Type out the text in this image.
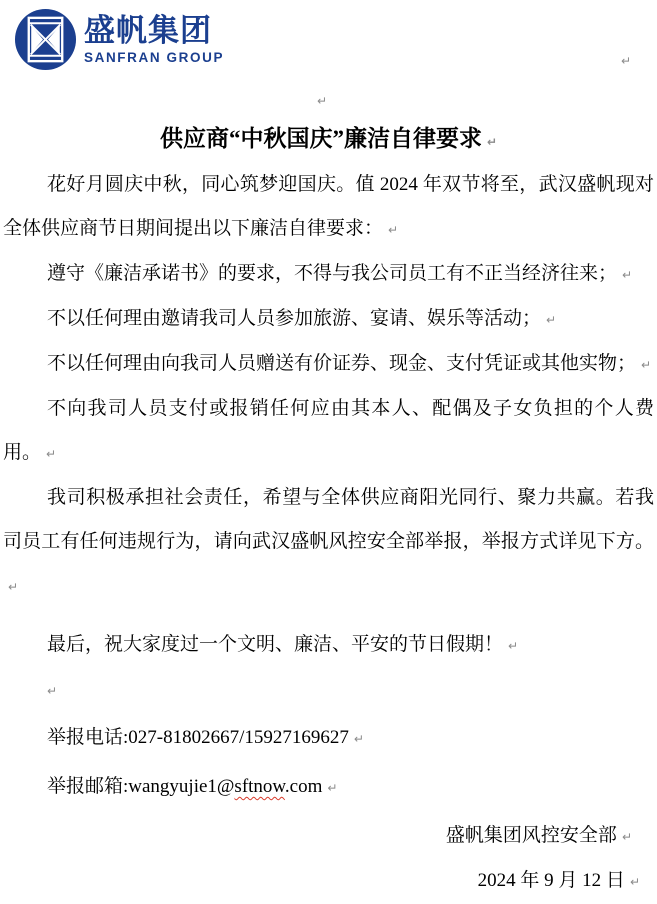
盛帆集团
SANFRAN GROUP	↵
↵
供应商“中秋国庆”廉洁自律要求 ↵

花好月圆庆中秋，同心筑梦迎国庆。值 2024 年双节将至，武汉盛帆现对全体供应商节日期间提出以下廉洁自律要求： ↵

遵守《廉洁承诺书》的要求，不得与我公司员工有不正当经济往来； ↵

不以任何理由邀请我司人员参加旅游、宴请、娱乐等活动； ↵

不以任何理由向我司人员赠送有价证券、现金、支付凭证或其他实物； ↵

不向我司人员支付或报销任何应由其本人、配偶及子女负担的个人费用。 ↵

我司积极承担社会责任，希望与全体供应商阳光同行、聚力共赢。若我司员工有任何违规行为，请向武汉盛帆风控安全部举报，举报方式详见下方。↵

最后，祝大家度过一个文明、廉洁、平安的节日假期！ ↵

↵

举报电话:027-81802667/15927169627 ↵

举报邮箱:wangyujie1@sftnow.com ↵

盛帆集团风控安全部 ↵

2024 年 9 月 12 日 ↵
